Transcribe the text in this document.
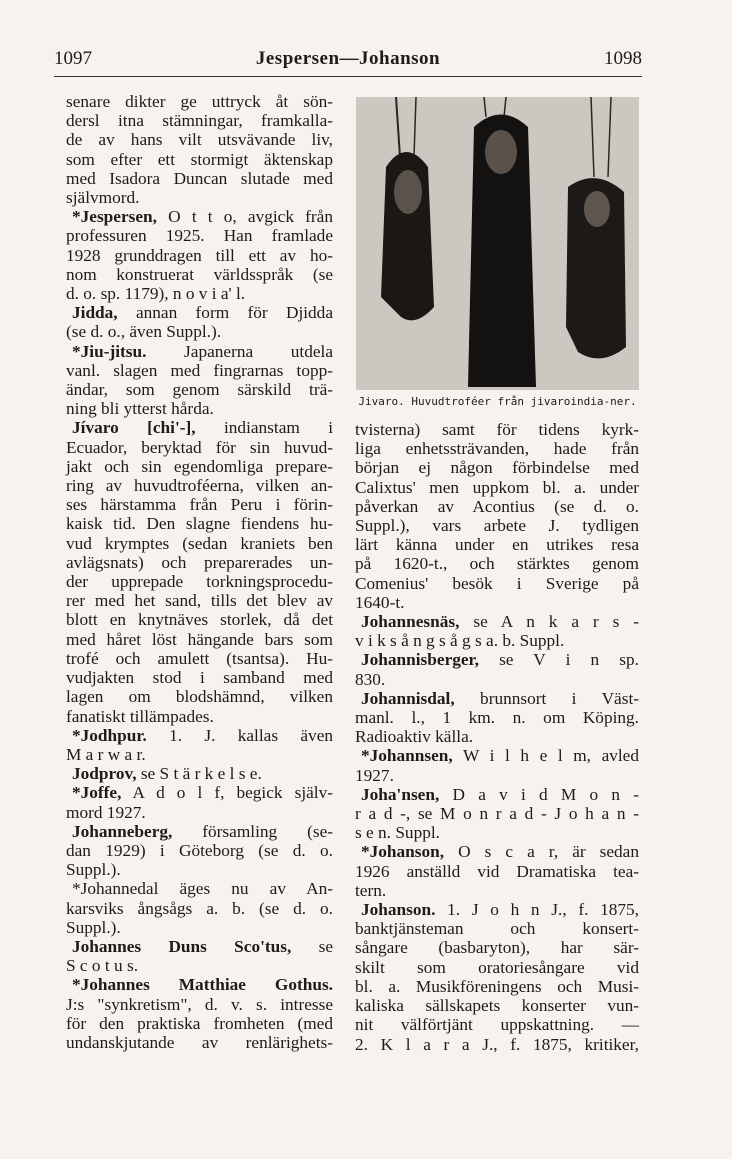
1097	Jespersen—Johanson	1098
senare dikter ge uttryck åt sön-
dersl itna stämningar, framkalla-
de av hans vilt utsvävande liv,
som efter ett stormigt äktenskap
med Isadora Duncan slutade med
självmord.
*Jespersen, O t t o, avgick från
professuren 1925. Han framlade
1928 grunddragen till ett av ho-
nom konstruerat världsspråk (se
d. o. sp. 1179), n o v i a' l.
Jidda, annan form för Djidda
(se d. o., även Suppl.).
*Jiu-jitsu. Japanerna utdela
vanl. slagen med fingrarnas topp-
ändar, som genom särskild trä-
ning bli ytterst hårda.
Jívaro [chi'-], indianstam i
Ecuador, beryktad för sin huvud-
jakt och sin egendomliga prepare-
ring av huvudtroféerna, vilken an-
ses härstamma från Peru i förin-
kaisk tid. Den slagne fiendens hu-
vud krymptes (sedan kraniets ben
avlägsnats) och preparerades un-
der upprepade torkningsprocedu-
rer med het sand, tills det blev av
blott en knytnäves storlek, då det
med håret löst hängande bars som
trofé och amulett (tsantsa). Hu-
vudjakten stod i samband med
lagen om blodshämnd, vilken
fanatiskt tillämpades.
*Jodhpur. 1. J. kallas även
M a r w a r.
Jodprov, se S t ä r k e l s e.
*Joffe, A d o l f, begick själv-
mord 1927.
Johanneberg, församling (se-
dan 1929) i Göteborg (se d. o.
Suppl.).
*Johannedal äges nu av An-
karsviks ångsågs a. b. (se d. o.
Suppl.).
Johannes Duns Sco'tus, se
S c o t u s.
*Johannes Matthiae Gothus.
J:s "synkretism", d. v. s. intresse
för den praktiska fromheten (med
undanskjutande av renlärighets-
Jivaro. Huvudtroféer från jivaroindia-ner.
tvisterna) samt för tidens kyrk-
liga enhetssträvanden, hade från
början ej någon förbindelse med
Calixtus' men uppkom bl. a. under
påverkan av Acontius (se d. o.
Suppl.), vars arbete J. tydligen
lärt känna under en utrikes resa
på 1620-t., och stärktes genom
Comenius' besök i Sverige på
1640-t.
Johannesnäs, se A n k a r s -
v i k s å n g s å g s a. b. Suppl.
Johannisberger, se V i n sp.
830.
Johannisdal, brunnsort i Väst-
manl. l., 1 km. n. om Köping.
Radioaktiv källa.
*Johannsen, W i l h e l m, avled
1927.
Joha'nsen, D a v i d M o n -
r a d -, se M o n r a d - J o h a n -
s e n. Suppl.
*Johanson, O s c a r, är sedan
1926 anställd vid Dramatiska tea-
tern.
Johanson. 1. J o h n J., f. 1875,
banktjänsteman och konsert-
sångare (basbaryton), har sär-
skilt som oratoriesångare vid
bl. a. Musikföreningens och Musi-
kaliska sällskapets konserter vun-
nit välförtjänt uppskattning. —
2. K l a r a J., f. 1875, kritiker,
